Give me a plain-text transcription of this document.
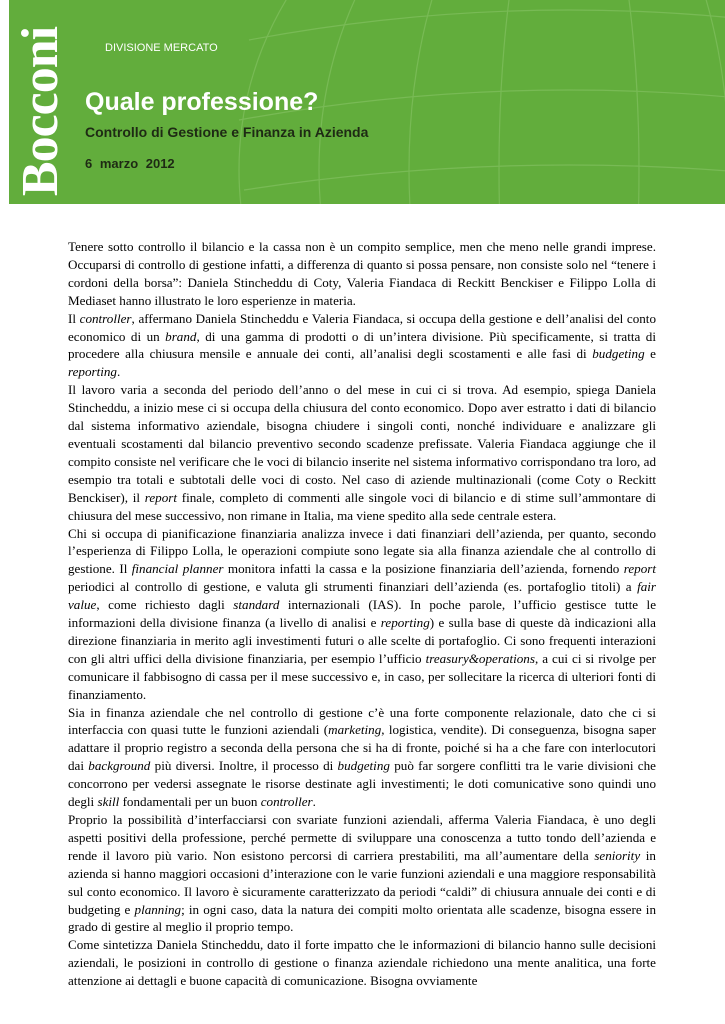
Bocconi	DIVISIONE MERCATO
Quale professione?
Controllo di Gestione e Finanza in Azienda
6 marzo 2012

Tenere sotto controllo il bilancio e la cassa non è un compito semplice, men che meno nelle grandi imprese. Occuparsi di controllo di gestione infatti, a differenza di quanto si possa pensare, non consiste solo nel “tenere i cordoni della borsa”: Daniela Stincheddu di Coty, Valeria Fiandaca di Reckitt Benckiser e Filippo Lolla di Mediaset hanno illustrato le loro esperienze in materia.

Il controller, affermano Daniela Stincheddu e Valeria Fiandaca, si occupa della gestione e dell’analisi del conto economico di un brand, di una gamma di prodotti o di un’intera divisione. Più specificamente, si tratta di procedere alla chiusura mensile e annuale dei conti, all’analisi degli scostamenti e alle fasi di budgeting e reporting.

Il lavoro varia a seconda del periodo dell’anno o del mese in cui ci si trova. Ad esempio, spiega Daniela Stincheddu, a inizio mese ci si occupa della chiusura del conto economico. Dopo aver estratto i dati di bilancio dal sistema informativo aziendale, bisogna chiudere i singoli conti, nonché individuare e analizzare gli eventuali scostamenti dal bilancio preventivo secondo scadenze prefissate. Valeria Fiandaca aggiunge che il compito consiste nel verificare che le voci di bilancio inserite nel sistema informativo corrispondano tra loro, ad esempio tra totali e subtotali delle voci di costo. Nel caso di aziende multinazionali (come Coty o Reckitt Benckiser), il report finale, completo di commenti alle singole voci di bilancio e di stime sull’ammontare di chiusura del mese successivo, non rimane in Italia, ma viene spedito alla sede centrale estera.

Chi si occupa di pianificazione finanziaria analizza invece i dati finanziari dell’azienda, per quanto, secondo l’esperienza di Filippo Lolla, le operazioni compiute sono legate sia alla finanza aziendale che al controllo di gestione. Il financial planner monitora infatti la cassa e la posizione finanziaria dell’azienda, fornendo report periodici al controllo di gestione, e valuta gli strumenti finanziari dell’azienda (es. portafoglio titoli) a fair value, come richiesto dagli standard internazionali (IAS). In poche parole, l’ufficio gestisce tutte le informazioni della divisione finanza (a livello di analisi e reporting) e sulla base di queste dà indicazioni alla direzione finanziaria in merito agli investimenti futuri o alle scelte di portafoglio. Ci sono frequenti interazioni con gli altri uffici della divisione finanziaria, per esempio l’ufficio treasury&operations, a cui ci si rivolge per comunicare il fabbisogno di cassa per il mese successivo e, in caso, per sollecitare la ricerca di ulteriori fonti di finanziamento.

Sia in finanza aziendale che nel controllo di gestione c’è una forte componente relazionale, dato che ci si interfaccia con quasi tutte le funzioni aziendali (marketing, logistica, vendite). Di conseguenza, bisogna saper adattare il proprio registro a seconda della persona che si ha di fronte, poiché si ha a che fare con interlocutori dai background più diversi. Inoltre, il processo di budgeting può far sorgere conflitti tra le varie divisioni che concorrono per vedersi assegnate le risorse destinate agli investimenti; le doti comunicative sono quindi uno degli skill fondamentali per un buon controller.

Proprio la possibilità d’interfacciarsi con svariate funzioni aziendali, afferma Valeria Fiandaca, è uno degli aspetti positivi della professione, perché permette di sviluppare una conoscenza a tutto tondo dell’azienda e rende il lavoro più vario. Non esistono percorsi di carriera prestabiliti, ma all’aumentare della seniority in azienda si hanno maggiori occasioni d’interazione con le varie funzioni aziendali e una maggiore responsabilità sul conto economico. Il lavoro è sicuramente caratterizzato da periodi “caldi” di chiusura annuale dei conti e di budgeting e planning; in ogni caso, data la natura dei compiti molto orientata alle scadenze, bisogna essere in grado di gestire al meglio il proprio tempo.

Come sintetizza Daniela Stincheddu, dato il forte impatto che le informazioni di bilancio hanno sulle decisioni aziendali, le posizioni in controllo di gestione o finanza aziendale richiedono una mente analitica, una forte attenzione ai dettagli e buone capacità di comunicazione. Bisogna ovviamente
